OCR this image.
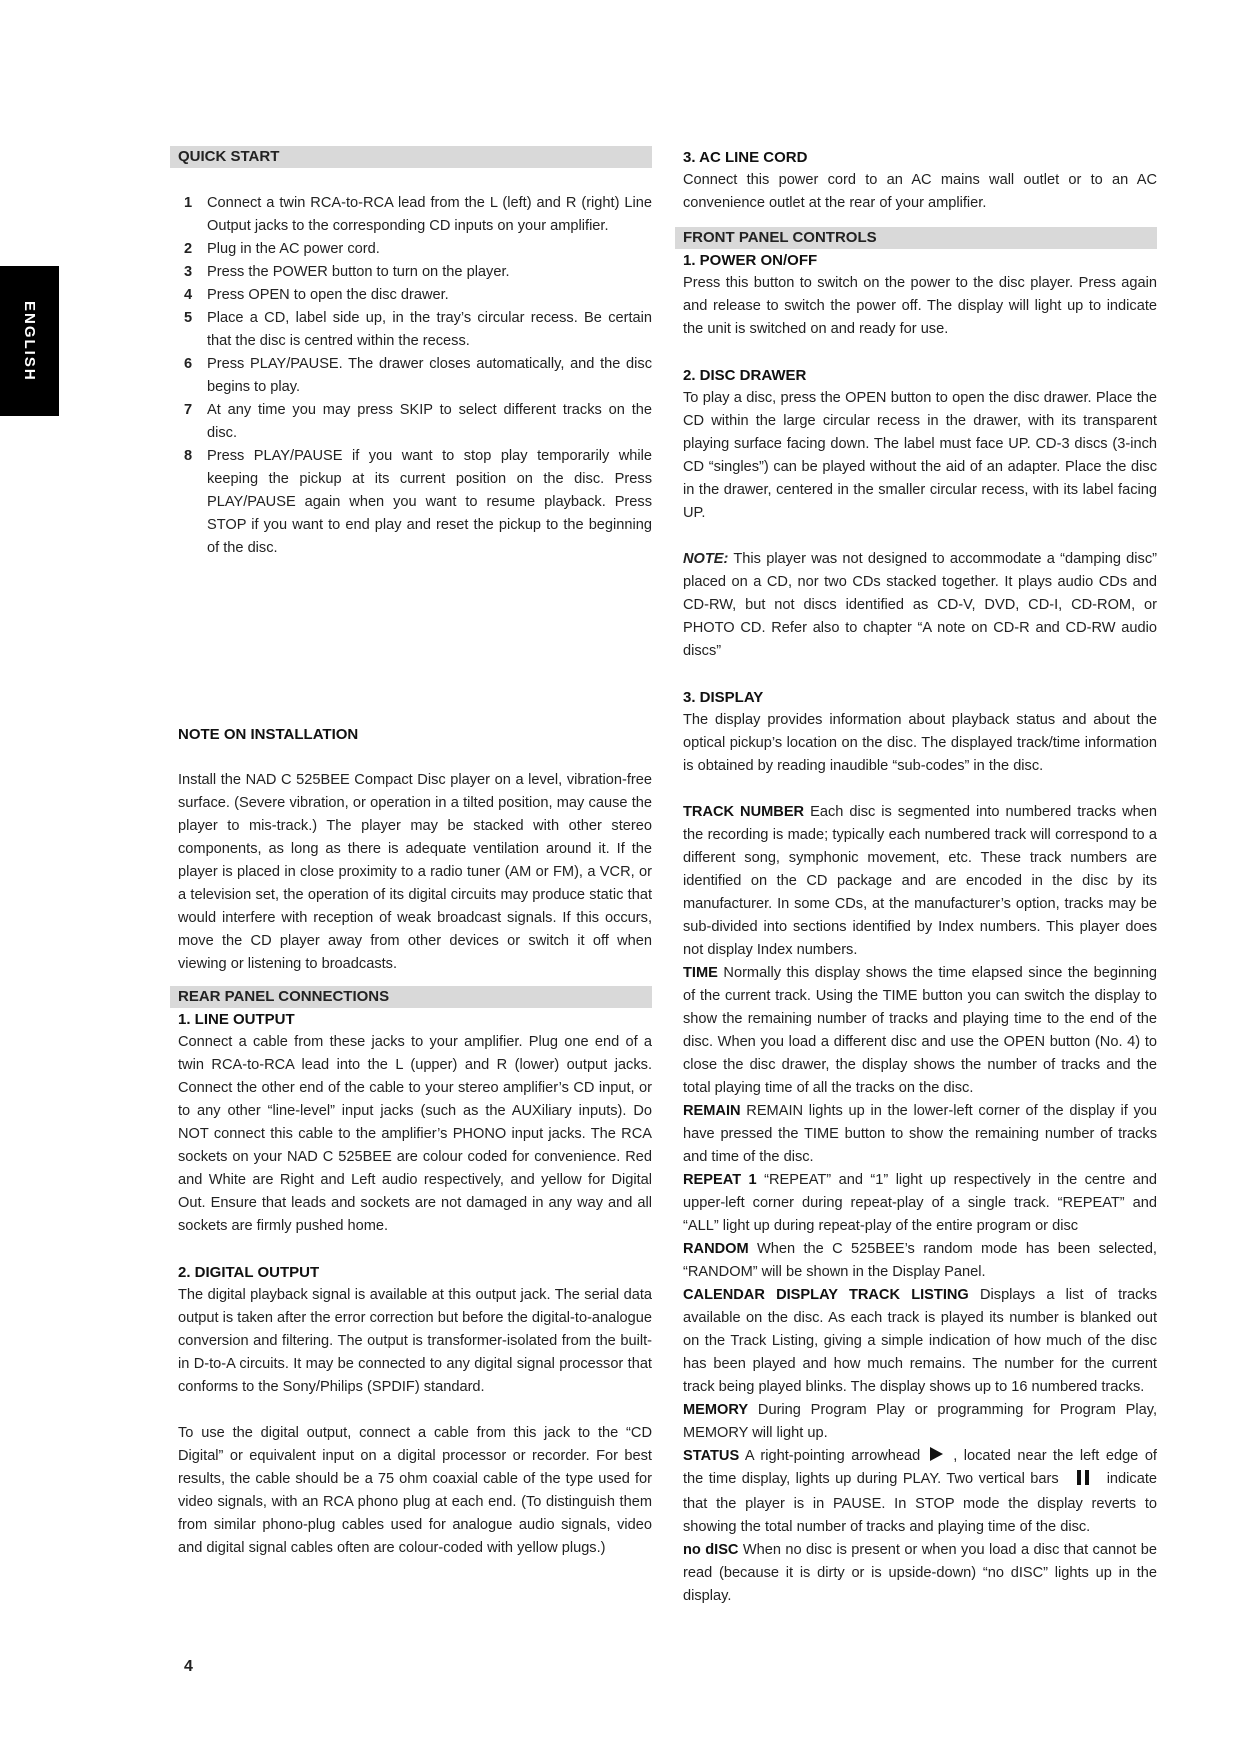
ENGLISH
QUICK START
1	Connect a twin RCA-to-RCA lead from the L (left) and R (right) Line Output jacks to the corresponding CD inputs on your amplifier.
2	Plug in the AC power cord.
3	Press the POWER button to turn on the player.
4	Press OPEN to open the disc drawer.
5	Place a CD, label side up, in the tray’s circular recess. Be certain that the disc is centred within the recess.
6	Press PLAY/PAUSE. The drawer closes automatically, and the disc begins to play.
7	At any time you may press SKIP to select different tracks on the disc.
8	Press PLAY/PAUSE if you want to stop play temporarily while keeping the pickup at its current position on the disc. Press PLAY/PAUSE again when you want to resume playback. Press STOP if you want to end play and reset the pickup to the beginning of the disc.
NOTE ON INSTALLATION

Install the NAD C 525BEE Compact Disc player on a level, vibration-free surface. (Severe vibration, or operation in a tilted position, may cause the player to mis-track.) The player may be stacked with other stereo components, as long as there is adequate ventilation around it. If the player is placed in close proximity to a radio tuner (AM or FM), a VCR, or a television set, the operation of its digital circuits may produce static that would interfere with reception of weak broadcast signals. If this occurs, move the CD player away from other devices or switch it off when viewing or listening to broadcasts.

REAR PANEL CONNECTIONS
1. LINE OUTPUT

Connect a cable from these jacks to your amplifier. Plug one end of a twin RCA-to-RCA lead into the L (upper) and R (lower) output jacks. Connect the other end of the cable to your stereo amplifier’s CD input, or to any other “line-level” input jacks (such as the AUXiliary inputs). Do NOT connect this cable to the amplifier’s PHONO input jacks. The RCA sockets on your NAD C 525BEE are colour coded for convenience. Red and White are Right and Left audio respectively, and yellow for Digital Out. Ensure that leads and sockets are not damaged in any way and all sockets are firmly pushed home.

2. DIGITAL OUTPUT

The digital playback signal is available at this output jack. The serial data output is taken after the error correction but before the digital-to-analogue conversion and filtering. The output is transformer-isolated from the built-in D-to-A circuits. It may be connected to any digital signal processor that conforms to the Sony/Philips (SPDIF) standard.

To use the digital output, connect a cable from this jack to the “CD Digital” or equivalent input on a digital processor or recorder. For best results, the cable should be a 75 ohm coaxial cable of the type used for video signals, with an RCA phono plug at each end. (To distinguish them from similar phono-plug cables used for analogue audio signals, video and digital signal cables often are colour-coded with yellow plugs.)

3. AC LINE CORD

Connect this power cord to an AC mains wall outlet or to an AC convenience outlet at the rear of your amplifier.

FRONT PANEL CONTROLS
1. POWER ON/OFF

Press this button to switch on the power to the disc player. Press again and release to switch the power off. The display will light up to indicate the unit is switched on and ready for use.

2. DISC DRAWER

To play a disc, press the OPEN button to open the disc drawer. Place the CD within the large circular recess in the drawer, with its transparent playing surface facing down. The label must face UP. CD-3 discs (3-inch CD “singles”) can be played without the aid of an adapter. Place the disc in the drawer, centered in the smaller circular recess, with its label facing UP.

NOTE: This player was not designed to accommodate a “damping disc” placed on a CD, nor two CDs stacked together. It plays audio CDs and CD-RW, but not discs identified as CD-V, DVD, CD-I, CD-ROM, or PHOTO CD. Refer also to chapter “A note on CD-R and CD-RW audio discs”

3. DISPLAY

The display provides information about playback status and about the optical pickup’s location on the disc. The displayed track/time information is obtained by reading inaudible “sub-codes” in the disc.

TRACK NUMBER Each disc is segmented into numbered tracks when the recording is made; typically each numbered track will correspond to a different song, symphonic movement, etc. These track numbers are identified on the CD package and are encoded in the disc by its manufacturer. In some CDs, at the manufacturer’s option, tracks may be sub-divided into sections identified by Index numbers. This player does not display Index numbers.

TIME Normally this display shows the time elapsed since the beginning of the current track. Using the TIME button you can switch the display to show the remaining number of tracks and playing time to the end of the disc. When you load a different disc and use the OPEN button (No. 4) to close the disc drawer, the display shows the number of tracks and the total playing time of all the tracks on the disc.

REMAIN REMAIN lights up in the lower-left corner of the display if you have pressed the TIME button to show the remaining number of tracks and time of the disc.

REPEAT 1 “REPEAT” and “1” light up respectively in the centre and upper-left corner during repeat-play of a single track. “REPEAT” and “ALL” light up during repeat-play of the entire program or disc

RANDOM When the C 525BEE’s random mode has been selected, “RANDOM” will be shown in the Display Panel.

CALENDAR DISPLAY TRACK LISTING Displays a list of tracks available on the disc. As each track is played its number is blanked out on the Track Listing, giving a simple indication of how much of the disc has been played and how much remains. The number for the current track being played blinks. The display shows up to 16 numbered tracks.

MEMORY During Program Play or programming for Program Play, MEMORY will light up.

STATUS A right-pointing arrowhead , located near the left edge of the time display, lights up during PLAY. Two vertical bars	indicate that the player is in PAUSE. In STOP mode the display reverts to showing the total number of tracks and playing time of the disc.

no dISC When no disc is present or when you load a disc that cannot be read (because it is dirty or is upside-down) “no dISC” lights up in the display.

4
